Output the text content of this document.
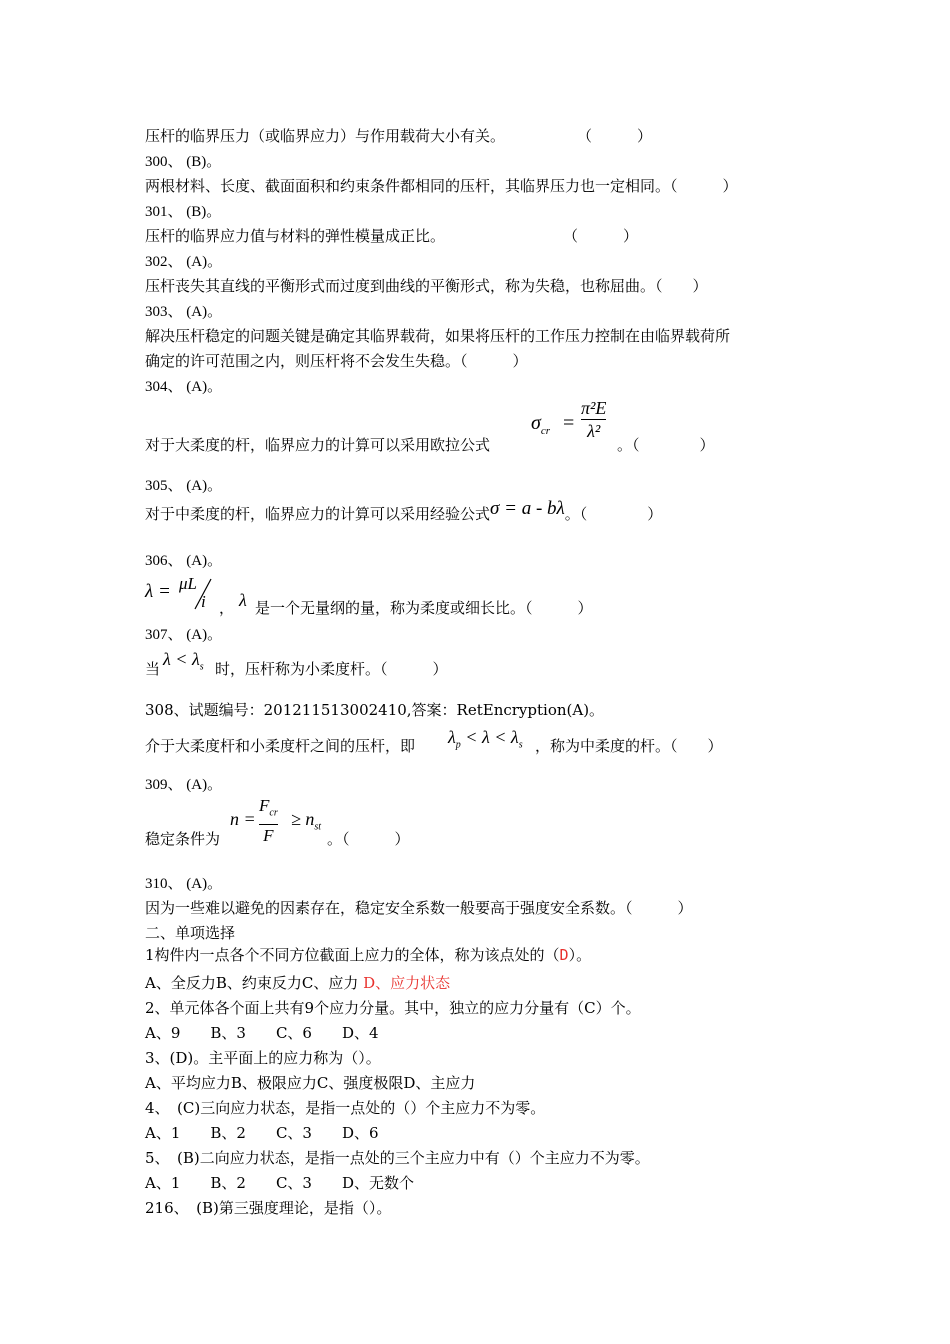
压杆的临界压力（或临界应力）与作用载荷大小有关。	（　　　）
300、 (B)。
两根材料、长度、截面面积和约束条件都相同的压杆，其临界压力也一定相同。（　　　）
301、 (B)。
压杆的临界应力值与材料的弹性模量成正比。	（　　　）
302、 (A)。
压杆丧失其直线的平衡形式而过度到曲线的平衡形式，称为失稳，也称屈曲。（　　）
303、 (A)。
解决压杆稳定的问题关键是确定其临界载荷，如果将压杆的工作压力控制在由临界载荷所
确定的许可范围之内，则压杆将不会发生失稳。（　　　）
304、 (A)。
对于大柔度的杆，临界应力的计算可以采用欧拉公式
$\sigma_{cr}$ =
π²E
λ²
。（　　　　）
305、 (A)。
对于中柔度的杆，临界应力的计算可以采用经验公式σ = a - bλ。（　　　　）
306、 (A)。
λ = μL
i ， λ 是一个无量纲的量，称为柔度或细长比。（　　　）
307、 (A)。
当 $\lambda < \lambda_s$ 时，压杆称为小柔度杆。（　　　）
308、试题编号：201211513002410,答案：RetEncryption(A)。
介于大柔度杆和小柔度杆之间的压杆，即 $\lambda_p < \lambda < \lambda_s$ ，称为中柔度的杆。（　　）
309、 (A)。
稳定条件为
n =
$F_{cr}$
F
≥ $n_{st}$
。（　　　）
310、 (A)。
因为一些难以避免的因素存在，稳定安全系数一般要高于强度安全系数。（　　　）
二、单项选择
1构件内一点各个不同方位截面上应力的全体，称为该点处的（D）。
A、全反力B、约束反力C、应力 D、应力状态
2、单元体各个面上共有9个应力分量。其中，独立的应力分量有（C）个。
A、9　　B、3　　C、6　　D、4
3、(D)。主平面上的应力称为（）。
A、平均应力B、极限应力C、强度极限D、主应力
4、　(C)三向应力状态，是指一点处的（）个主应力不为零。
A、1　　B、2　　C、3　　D、6
5、　(B)二向应力状态，是指一点处的三个主应力中有（）个主应力不为零。
A、1　　B、2　　C、3　　D、无数个
216、　(B)第三强度理论，是指（）。
